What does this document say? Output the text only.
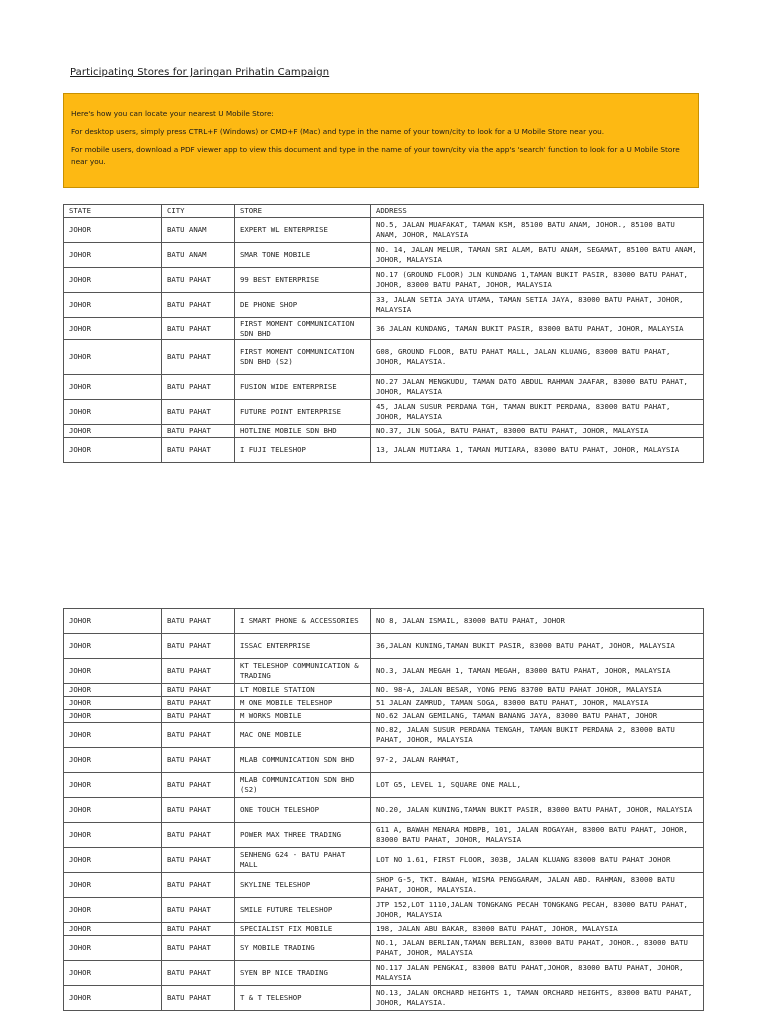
Participating Stores for Jaringan Prihatin Campaign

Here's how you can locate your nearest U Mobile Store:

For desktop users, simply press CTRL+F (Windows) or CMD+F (Mac) and type in the name of your town/city to look for a U Mobile Store near you.

For mobile users, download a PDF viewer app to view this document and type in the name of your town/city via the app's 'search' function to look for a U Mobile Store near you.

STATE	CITY	STORE	ADDRESS
JOHOR	BATU ANAM	EXPERT WL ENTERPRISE	NO.5, JALAN MUAFAKAT, TAMAN KSM, 85100 BATU ANAM, JOHOR., 85100 BATU ANAM, JOHOR, MALAYSIA
JOHOR	BATU ANAM	SMAR TONE MOBILE	NO. 14, JALAN MELUR, TAMAN SRI ALAM, BATU ANAM, SEGAMAT, 85100 BATU ANAM, JOHOR, MALAYSIA
JOHOR	BATU PAHAT	99 BEST ENTERPRISE	NO.17 (GROUND FLOOR) JLN KUNDANG 1,TAMAN BUKIT PASIR, 83000 BATU PAHAT, JOHOR, 83000 BATU PAHAT, JOHOR, MALAYSIA
JOHOR	BATU PAHAT	DE PHONE SHOP	33, JALAN SETIA JAYA UTAMA, TAMAN SETIA JAYA, 83000 BATU PAHAT, JOHOR, MALAYSIA
JOHOR	BATU PAHAT	FIRST MOMENT COMMUNICATION SDN BHD	36 JALAN KUNDANG, TAMAN BUKIT PASIR, 83000 BATU PAHAT, JOHOR, MALAYSIA
JOHOR	BATU PAHAT	FIRST MOMENT COMMUNICATION SDN BHD (S2)	G08, GROUND FLOOR, BATU PAHAT MALL, JALAN KLUANG, 83000 BATU PAHAT, JOHOR, MALAYSIA.
JOHOR	BATU PAHAT	FUSION WIDE ENTERPRISE	NO.27 JALAN MENGKUDU, TAMAN DATO ABDUL RAHMAN JAAFAR, 83000 BATU PAHAT, JOHOR, MALAYSIA
JOHOR	BATU PAHAT	FUTURE POINT ENTERPRISE	45, JALAN SUSUR PERDANA TGH, TAMAN BUKIT PERDANA, 83000 BATU PAHAT, JOHOR, MALAYSIA
JOHOR	BATU PAHAT	HOTLINE MOBILE SDN BHD	NO.37, JLN SOGA, BATU PAHAT, 83000 BATU PAHAT, JOHOR, MALAYSIA
JOHOR	BATU PAHAT	I FUJI TELESHOP	13, JALAN MUTIARA 1, TAMAN MUTIARA, 83000 BATU PAHAT, JOHOR, MALAYSIA
JOHOR	BATU PAHAT	I SMART PHONE & ACCESSORIES	NO 8, JALAN ISMAIL, 83000 BATU PAHAT, JOHOR
JOHOR	BATU PAHAT	ISSAC ENTERPRISE	36,JALAN KUNING,TAMAN BUKIT PASIR, 83000 BATU PAHAT, JOHOR, MALAYSIA
JOHOR	BATU PAHAT	KT TELESHOP COMMUNICATION & TRADING	NO.3, JALAN MEGAH 1, TAMAN MEGAH, 83000 BATU PAHAT, JOHOR, MALAYSIA
JOHOR	BATU PAHAT	LT MOBILE STATION	NO. 98-A, JALAN BESAR, YONG PENG 83700 BATU PAHAT JOHOR, MALAYSIA
JOHOR	BATU PAHAT	M ONE MOBILE TELESHOP	51 JALAN ZAMRUD, TAMAN SOGA, 83000 BATU PAHAT, JOHOR, MALAYSIA
JOHOR	BATU PAHAT	M WORKS MOBILE	NO.62 JALAN GEMILANG, TAMAN BANANG JAYA, 83000 BATU PAHAT, JOHOR
JOHOR	BATU PAHAT	MAC ONE MOBILE	NO.82, JALAN SUSUR PERDANA TENGAH, TAMAN BUKIT PERDANA 2, 83000 BATU PAHAT, JOHOR, MALAYSIA
JOHOR	BATU PAHAT	MLAB COMMUNICATION SDN BHD	97-2, JALAN RAHMAT,
JOHOR	BATU PAHAT	MLAB COMMUNICATION SDN BHD (S2)	LOT G5, LEVEL 1, SQUARE ONE MALL,
JOHOR	BATU PAHAT	ONE TOUCH TELESHOP	NO.20, JALAN KUNING,TAMAN BUKIT PASIR, 83000 BATU PAHAT, JOHOR, MALAYSIA
JOHOR	BATU PAHAT	POWER MAX THREE TRADING	G11 A, BAWAH MENARA MDBPB, 101, JALAN ROGAYAH, 83000 BATU PAHAT, JOHOR, 83000 BATU PAHAT, JOHOR, MALAYSIA
JOHOR	BATU PAHAT	SENHENG G24 - BATU PAHAT MALL	LOT NO 1.61, FIRST FLOOR, 303B, JALAN KLUANG 83000 BATU PAHAT JOHOR
JOHOR	BATU PAHAT	SKYLINE TELESHOP	SHOP G-5, TKT. BAWAH, WISMA PENGGARAM, JALAN ABD. RAHMAN, 83000 BATU PAHAT, JOHOR, MALAYSIA.
JOHOR	BATU PAHAT	SMILE FUTURE TELESHOP	JTP 152,LOT 1110,JALAN TONGKANG PECAH TONGKANG PECAH, 83000 BATU PAHAT, JOHOR, MALAYSIA
JOHOR	BATU PAHAT	SPECIALIST FIX MOBILE	198, JALAN ABU BAKAR, 83000 BATU PAHAT, JOHOR, MALAYSIA
JOHOR	BATU PAHAT	SY MOBILE TRADING	NO.1, JALAN BERLIAN,TAMAN BERLIAN, 83000 BATU PAHAT, JOHOR., 83000 BATU PAHAT, JOHOR, MALAYSIA
JOHOR	BATU PAHAT	SYEN BP NICE TRADING	NO.117 JALAN PENGKAI, 83000 BATU PAHAT,JOHOR, 83000 BATU PAHAT, JOHOR, MALAYSIA
JOHOR	BATU PAHAT	T & T TELESHOP	NO.13, JALAN ORCHARD HEIGHTS 1, TAMAN ORCHARD HEIGHTS, 83000 BATU PAHAT, JOHOR, MALAYSIA.
